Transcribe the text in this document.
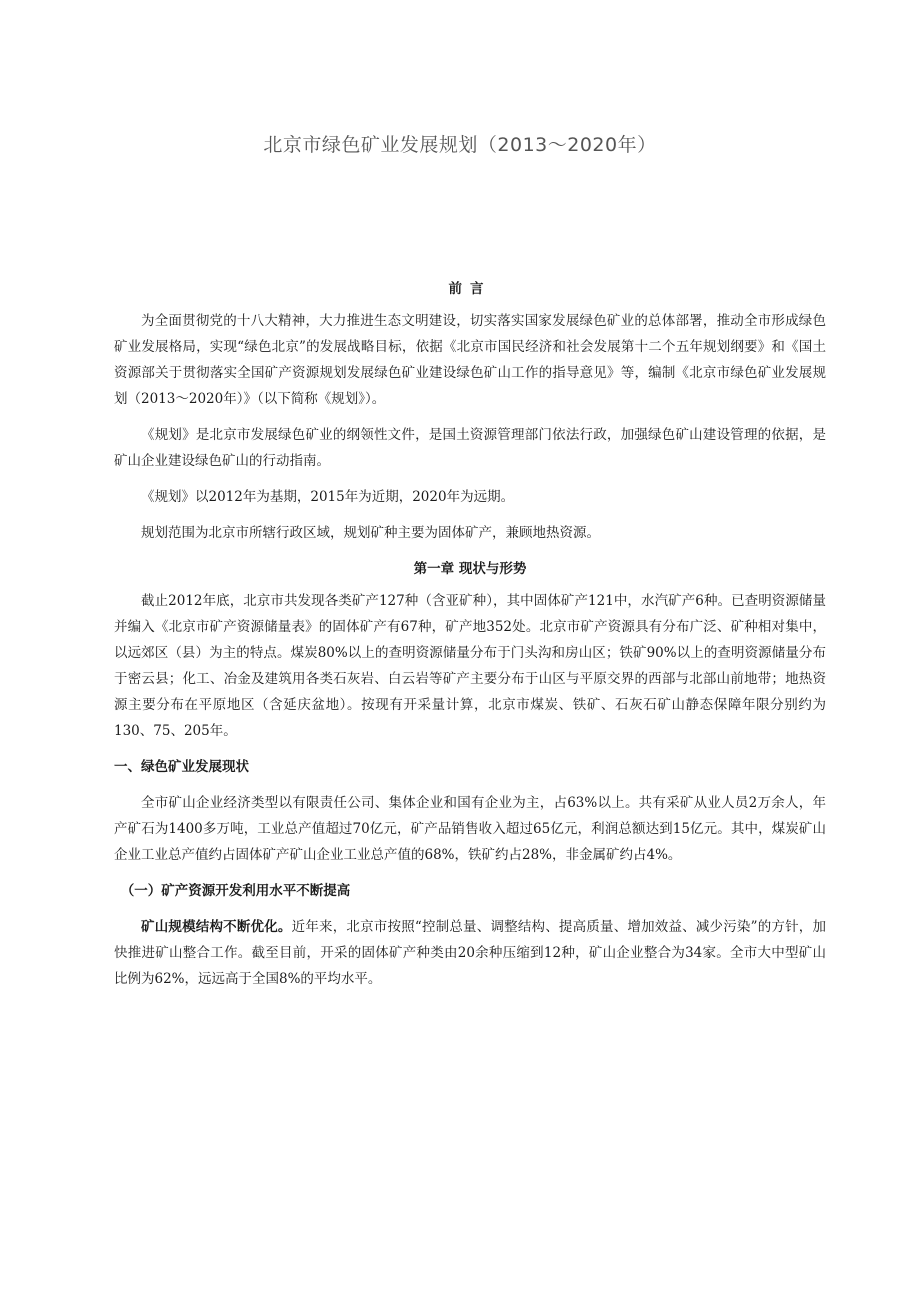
北京市绿色矿业发展规划（2013～2020年）
前言

为全面贯彻党的十八大精神，大力推进生态文明建设，切实落实国家发展绿色矿业的总体部署，推动全市形成绿色矿业发展格局，实现“绿色北京”的发展战略目标，依据《北京市国民经济和社会发展第十二个五年规划纲要》和《国土资源部关于贯彻落实全国矿产资源规划发展绿色矿业建设绿色矿山工作的指导意见》等，编制《北京市绿色矿业发展规划（2013～2020年）》（以下简称《规划》）。

《规划》是北京市发展绿色矿业的纲领性文件，是国土资源管理部门依法行政，加强绿色矿山建设管理的依据，是矿山企业建设绿色矿山的行动指南。

《规划》以2012年为基期，2015年为近期，2020年为远期。

规划范围为北京市所辖行政区域，规划矿种主要为固体矿产，兼顾地热资源。

第一章 现状与形势

截止2012年底，北京市共发现各类矿产127种（含亚矿种），其中固体矿产121中，水汽矿产6种。已查明资源储量并编入《北京市矿产资源储量表》的固体矿产有67种，矿产地352处。北京市矿产资源具有分布广泛、矿种相对集中，以远郊区（县）为主的特点。煤炭80%以上的查明资源储量分布于门头沟和房山区；铁矿90%以上的查明资源储量分布于密云县；化工、冶金及建筑用各类石灰岩、白云岩等矿产主要分布于山区与平原交界的西部与北部山前地带；地热资源主要分布在平原地区（含延庆盆地）。按现有开采量计算，北京市煤炭、铁矿、石灰石矿山静态保障年限分别约为130、75、205年。

一、绿色矿业发展现状

全市矿山企业经济类型以有限责任公司、集体企业和国有企业为主，占63%以上。共有采矿从业人员2万余人，年产矿石为1400多万吨，工业总产值超过70亿元，矿产品销售收入超过65亿元，利润总额达到15亿元。其中，煤炭矿山企业工业总产值约占固体矿产矿山企业工业总产值的68%，铁矿约占28%，非金属矿约占4%。

（一）矿产资源开发利用水平不断提高

矿山规模结构不断优化。近年来，北京市按照“控制总量、调整结构、提高质量、增加效益、减少污染”的方针，加快推进矿山整合工作。截至目前，开采的固体矿产种类由20余种压缩到12种，矿山企业整合为34家。全市大中型矿山比例为62%，远远高于全国8%的平均水平。
